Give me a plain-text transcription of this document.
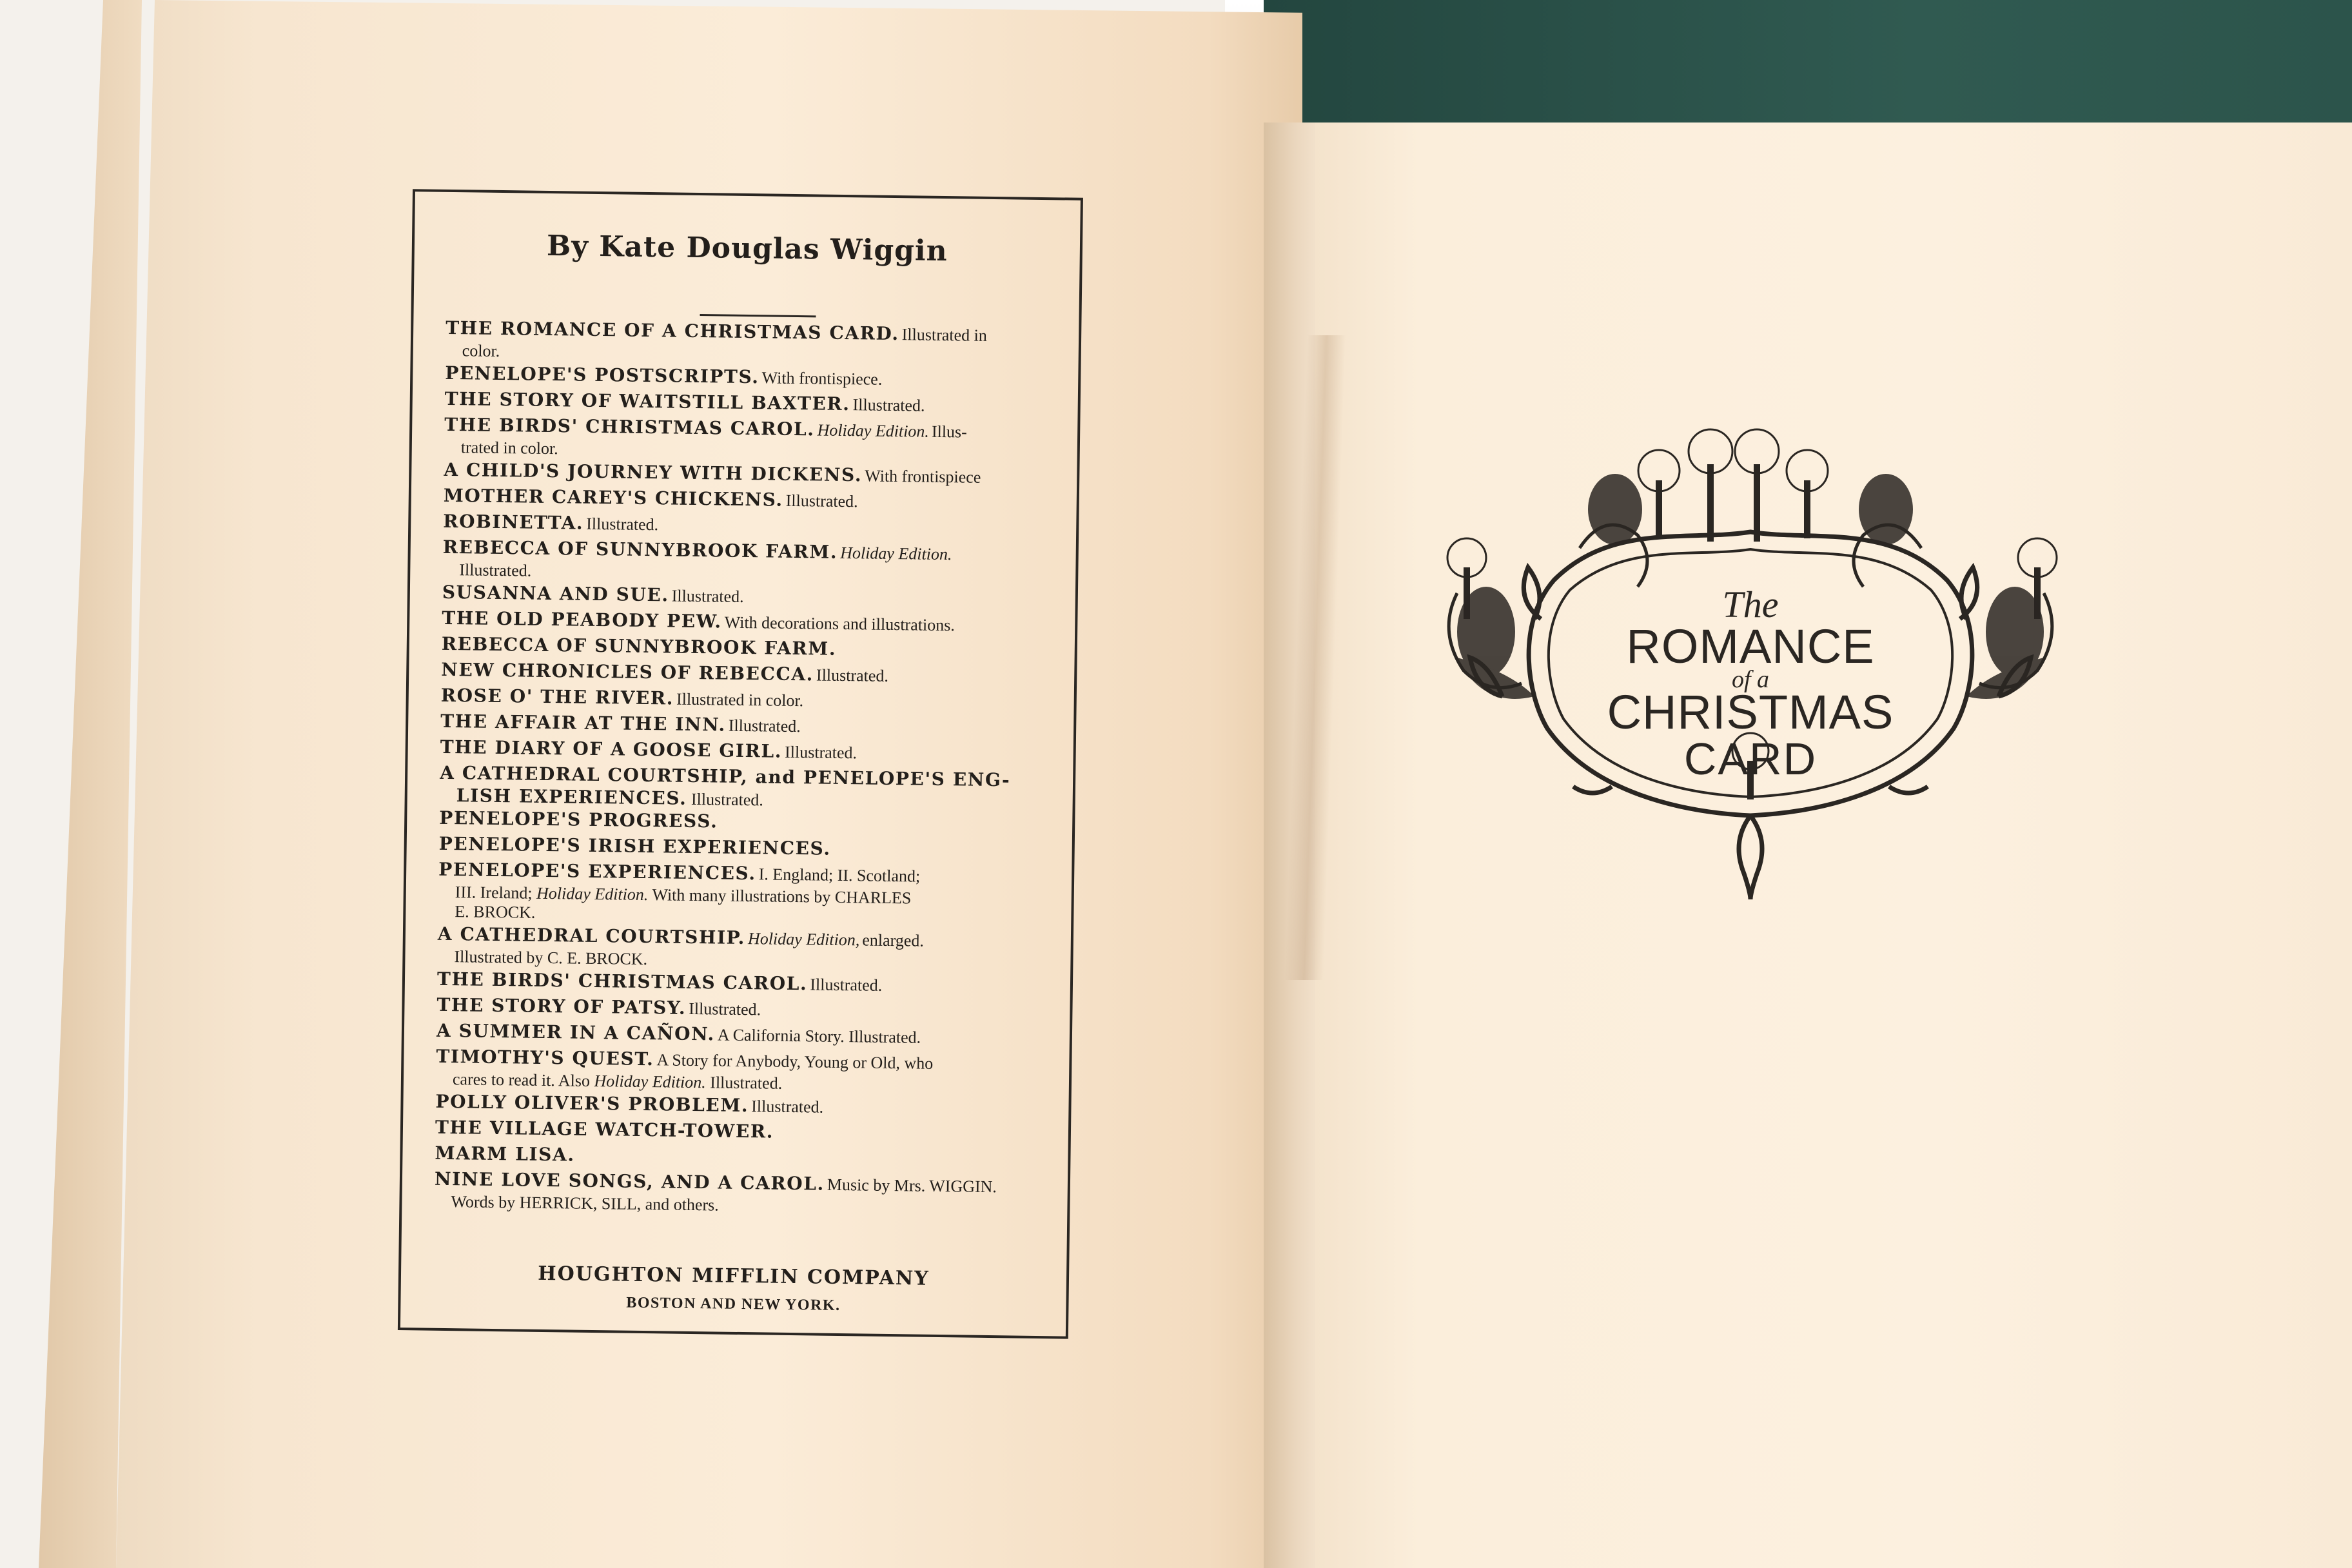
By Kate Douglas Wiggin
THE ROMANCE OF A CHRISTMAS CARD. Illustrated in
color.
PENELOPE'S POSTSCRIPTS. With frontispiece.
THE STORY OF WAITSTILL BAXTER. Illustrated.
THE BIRDS' CHRISTMAS CAROL. Holiday Edition. Illus-
trated in color.
A CHILD'S JOURNEY WITH DICKENS. With frontispiece
MOTHER CAREY'S CHICKENS. Illustrated.
ROBINETTA. Illustrated.
REBECCA OF SUNNYBROOK FARM. Holiday Edition.
Illustrated.
SUSANNA AND SUE. Illustrated.
THE OLD PEABODY PEW. With decorations and illustrations.
REBECCA OF SUNNYBROOK FARM.
NEW CHRONICLES OF REBECCA. Illustrated.
ROSE O' THE RIVER. Illustrated in color.
THE AFFAIR AT THE INN. Illustrated.
THE DIARY OF A GOOSE GIRL. Illustrated.
A CATHEDRAL COURTSHIP, and PENELOPE'S ENG-
LISH EXPERIENCES. Illustrated.
PENELOPE'S PROGRESS.
PENELOPE'S IRISH EXPERIENCES.
PENELOPE'S EXPERIENCES. I. England; II. Scotland;
III. Ireland; Holiday Edition. With many illustrations by CHARLES
E. BROCK.
A CATHEDRAL COURTSHIP. Holiday Edition, enlarged.
Illustrated by C. E. BROCK.
THE BIRDS' CHRISTMAS CAROL. Illustrated.
THE STORY OF PATSY. Illustrated.
A SUMMER IN A CAÑON. A California Story. Illustrated.
TIMOTHY'S QUEST. A Story for Anybody, Young or Old, who
cares to read it. Also Holiday Edition. Illustrated.
POLLY OLIVER'S PROBLEM. Illustrated.
THE VILLAGE WATCH-TOWER.
MARM LISA.
NINE LOVE SONGS, AND A CAROL. Music by Mrs. WIGGIN.
Words by HERRICK, SILL, and others.
HOUGHTON MIFFLIN COMPANY
BOSTON AND NEW YORK.
The
ROMANCE
of a
CHRISTMAS
CARD
